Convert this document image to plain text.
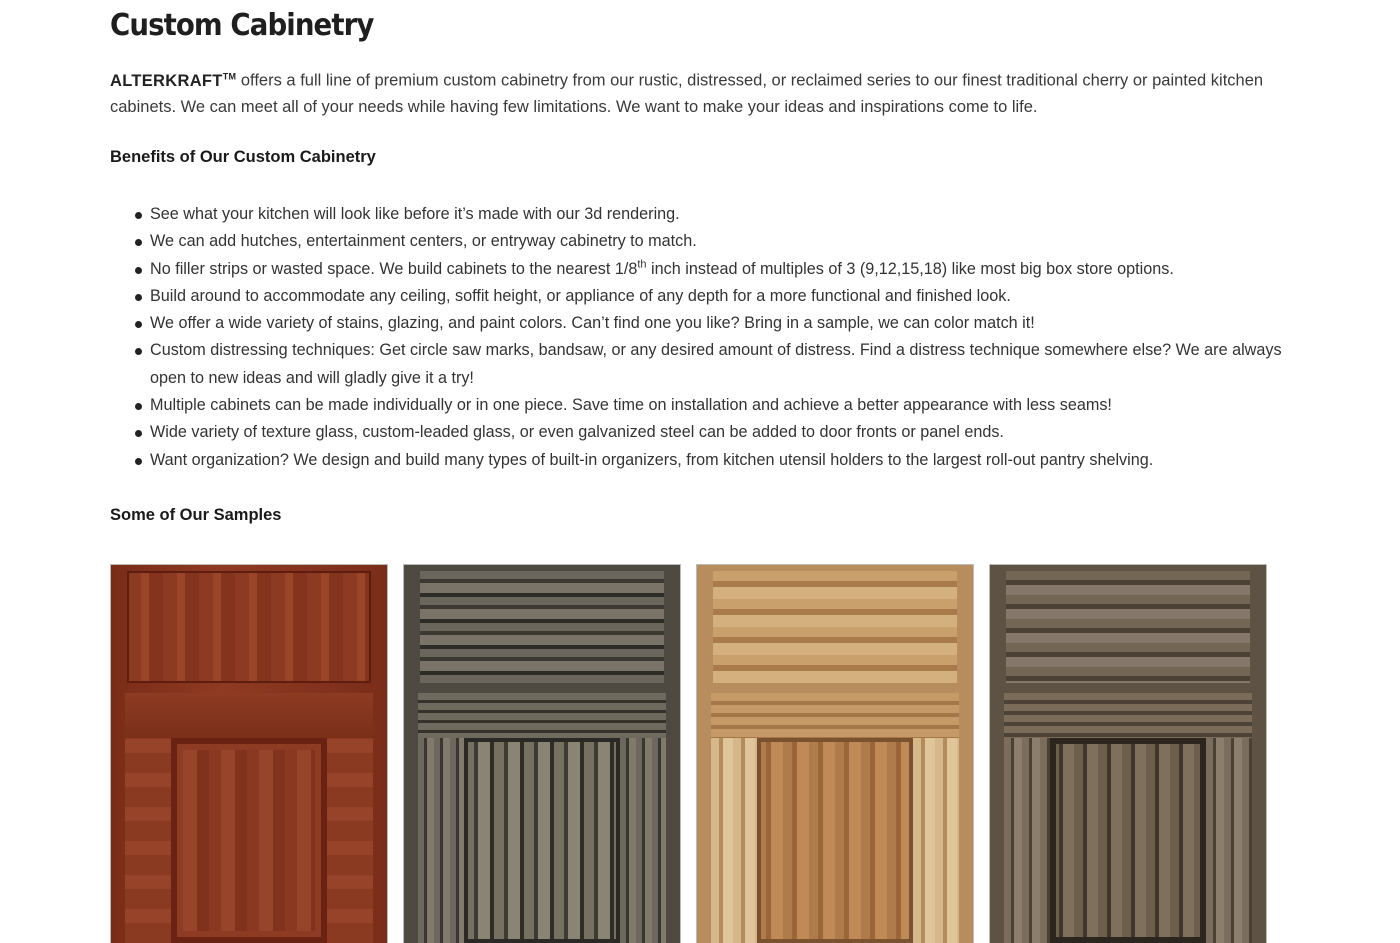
Custom Cabinetry

ALTERKRAFT™ offers a full line of premium custom cabinetry from our rustic, distressed, or reclaimed series to our finest traditional cherry or painted kitchen cabinets. We can meet all of your needs while having few limitations. We want to make your ideas and inspirations come to life.

Benefits of Our Custom Cabinetry
See what your kitchen will look like before it’s made with our 3d rendering.
We can add hutches, entertainment centers, or entryway cabinetry to match.
No filler strips or wasted space. We build cabinets to the nearest 1/8th inch instead of multiples of 3 (9,12,15,18) like most big box store options.
Build around to accommodate any ceiling, soffit height, or appliance of any depth for a more functional and finished look.
We offer a wide variety of stains, glazing, and paint colors. Can’t find one you like? Bring in a sample, we can color match it!
Custom distressing techniques: Get circle saw marks, bandsaw, or any desired amount of distress. Find a distress technique somewhere else? We are always open to new ideas and will gladly give it a try!
Multiple cabinets can be made individually or in one piece. Save time on installation and achieve a better appearance with less seams!
Wide variety of texture glass, custom-leaded glass, or even galvanized steel can be added to door fronts or panel ends.
Want organization? We design and build many types of built-in organizers, from kitchen utensil holders to the largest roll-out pantry shelving.
Some of Our Samples
